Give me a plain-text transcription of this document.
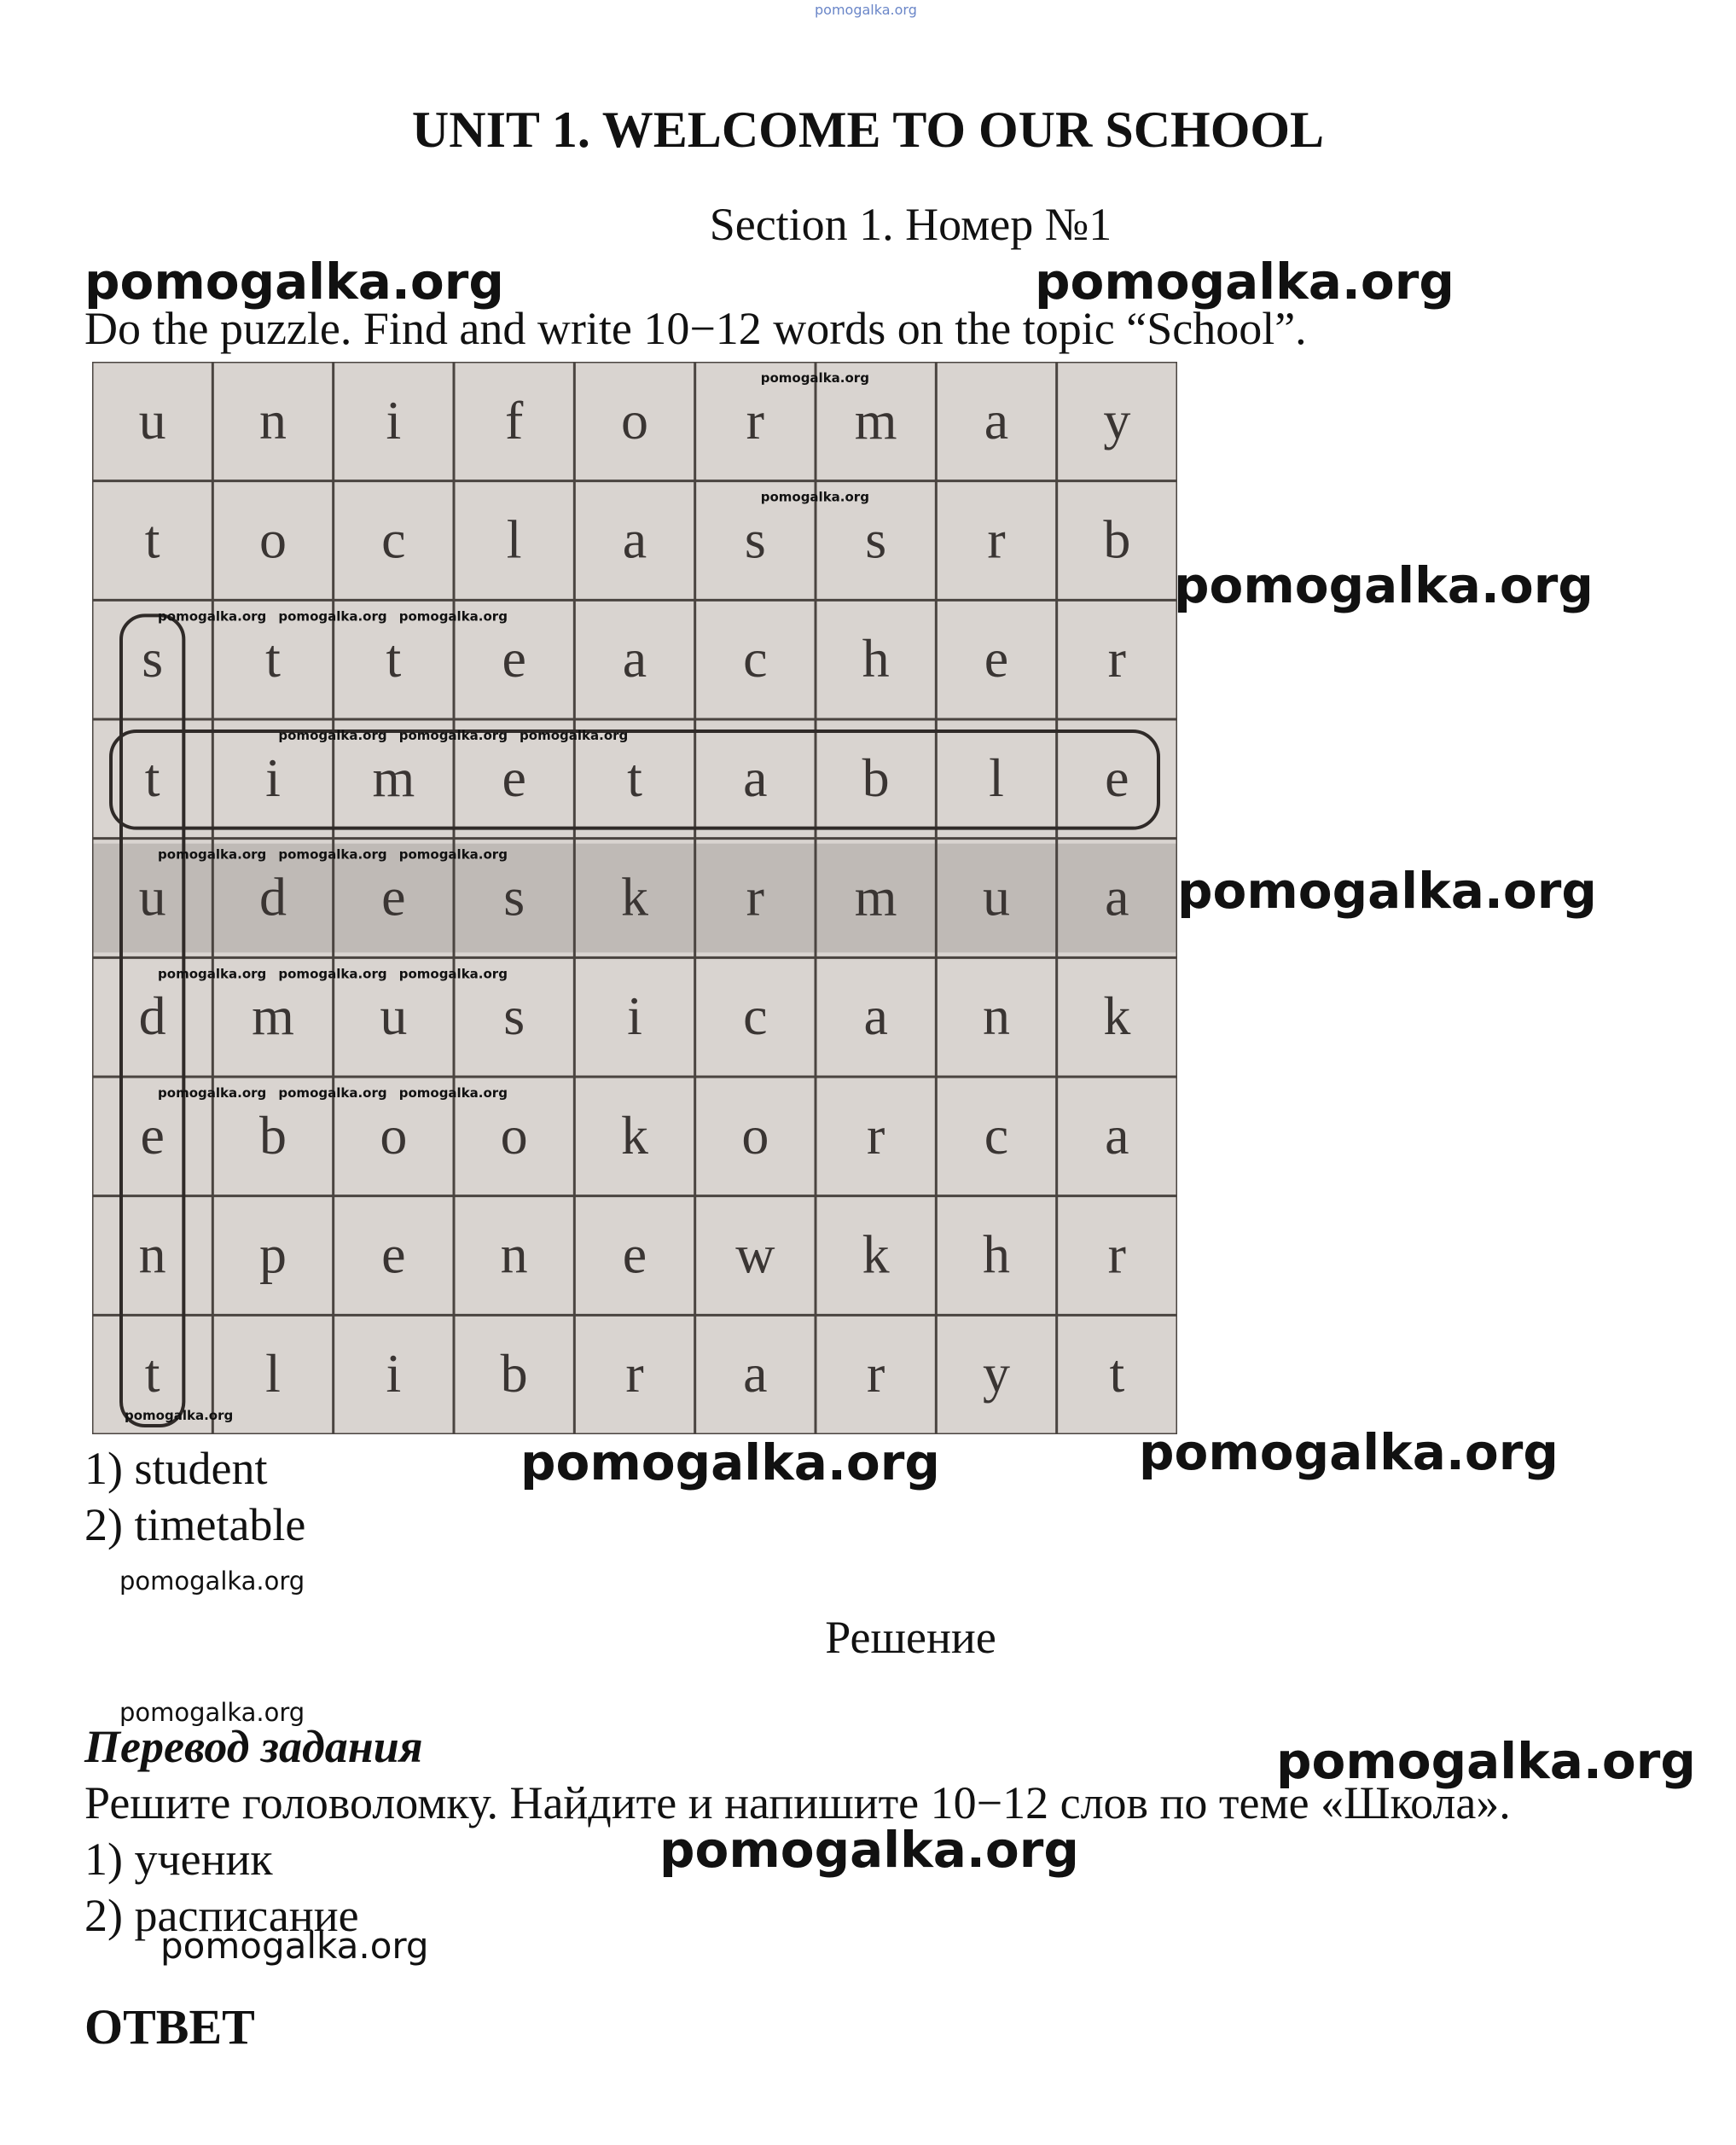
pomogalka.org
UNIT 1. WELCOME TO OUR SCHOOL
Section 1. Номер №1
pomogalka.org	pomogalka.org
Do the puzzle. Find and write 10−12 words on the topic “School”.
u n i f o r m a y
t o c l a s s r b
s t t e a c h e r
t i m e t a b l e
u d e s k r m u a
d m u s i c a n k
e b o o k o r c a
n p e n e w k h r
t l i b r a r y t
pomogalka.org pomogalka.org pomogalka.org
pomogalka.org pomogalka.org pomogalka.org
pomogalka.org pomogalka.org pomogalka.org
pomogalka.org pomogalka.org pomogalka.org
pomogalka.org pomogalka.org pomogalka.org
pomogalka.org
pomogalka.org
pomogalka.org
pomogalka.org
pomogalka.org
1) student
2) timetable
pomogalka.org	pomogalka.org
pomogalka.org
Решение
pomogalka.org
Перевод задания	pomogalka.org
Решите головоломку. Найдите и напишите 10−12 слов по теме «Школа».
1) ученик	pomogalka.org
2) расписание
pomogalka.org
ОТВЕТ
